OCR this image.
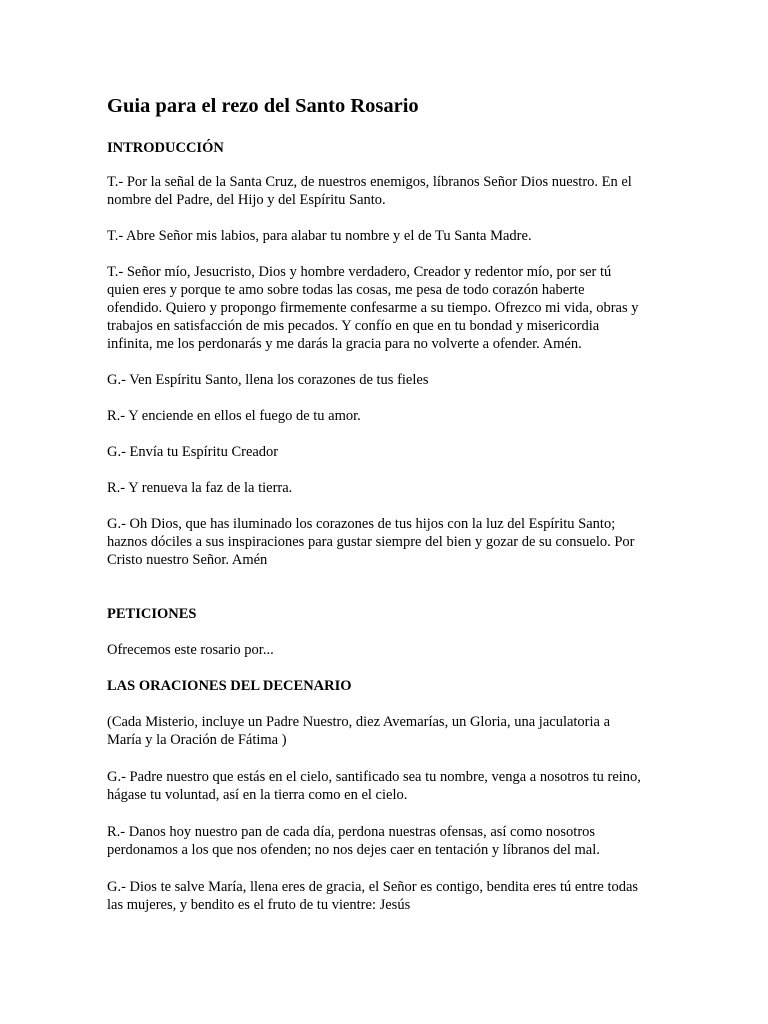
Guia para el rezo del Santo Rosario
INTRODUCCIÓN

T.- Por la señal de la Santa Cruz, de nuestros enemigos, líbranos Señor Dios nuestro. En el
nombre del Padre, del Hijo y del Espíritu Santo.

T.- Abre Señor mis labios, para alabar tu nombre y el de Tu Santa Madre.

T.- Señor mío, Jesucristo, Dios y hombre verdadero, Creador y redentor mío, por ser tú
quien eres y porque te amo sobre todas las cosas, me pesa de todo corazón haberte
ofendido. Quiero y propongo firmemente confesarme a su tiempo. Ofrezco mi vida, obras y
trabajos en satisfacción de mis pecados. Y confío en que en tu bondad y misericordia
infinita, me los perdonarás y me darás la gracia para no volverte a ofender. Amén.

G.- Ven Espíritu Santo, llena los corazones de tus fieles

R.- Y enciende en ellos el fuego de tu amor.

G.- Envía tu Espíritu Creador

R.- Y renueva la faz de la tierra.

G.- Oh Dios, que has iluminado los corazones de tus hijos con la luz del Espíritu Santo;
haznos dóciles a sus inspiraciones para gustar siempre del bien y gozar de su consuelo. Por
Cristo nuestro Señor. Amén

PETICIONES

Ofrecemos este rosario por...

LAS ORACIONES DEL DECENARIO

(Cada Misterio, incluye un Padre Nuestro, diez Avemarías, un Gloria, una jaculatoria a
María y la Oración de Fátima )

G.- Padre nuestro que estás en el cielo, santificado sea tu nombre, venga a nosotros tu reino,
hágase tu voluntad, así en la tierra como en el cielo.

R.- Danos hoy nuestro pan de cada día, perdona nuestras ofensas, así como nosotros
perdonamos a los que nos ofenden; no nos dejes caer en tentación y líbranos del mal.

G.- Dios te salve María, llena eres de gracia, el Señor es contigo, bendita eres tú entre todas
las mujeres, y bendito es el fruto de tu vientre: Jesús
